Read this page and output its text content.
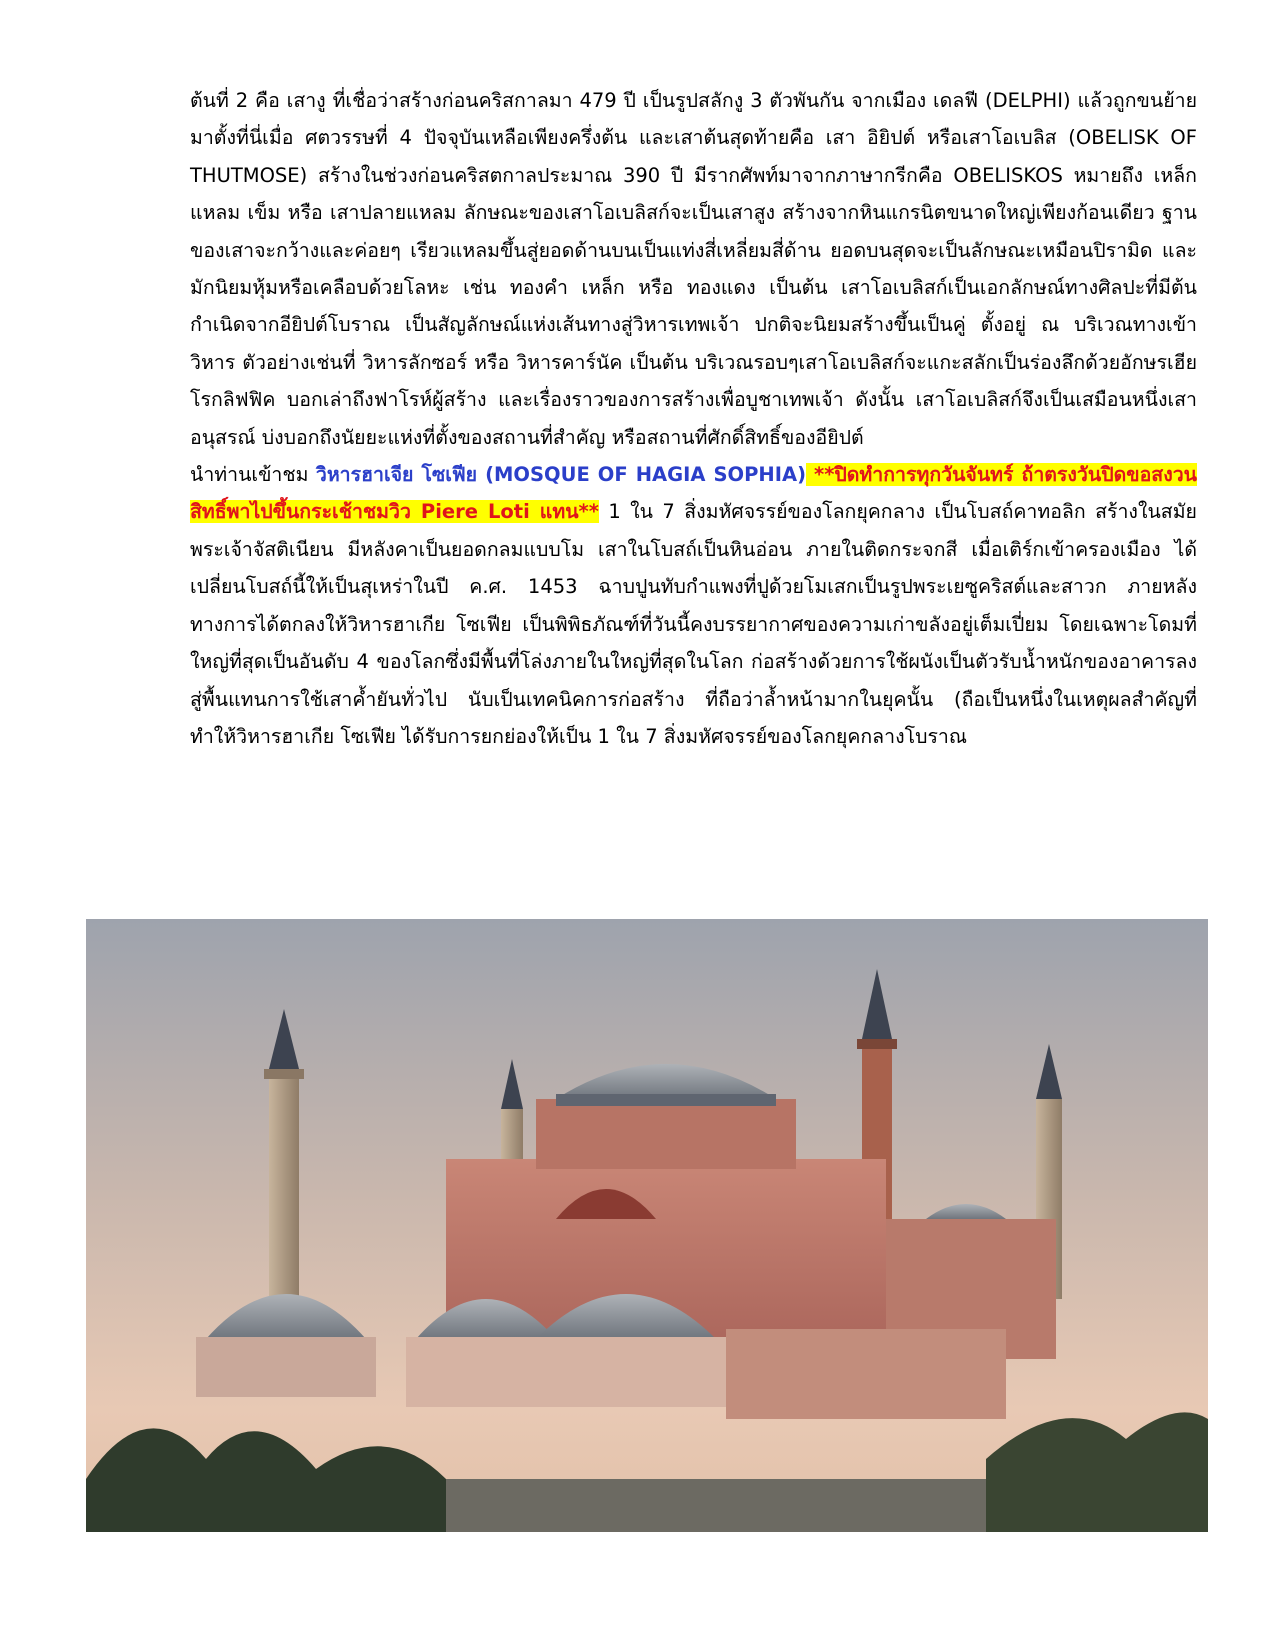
ต้นที่ 2 คือ เสางู ที่เชื่อว่าสร้างก่อนคริสกาลมา 479 ปี เป็นรูปสลักงู 3 ตัวพันกัน จากเมือง เดลฟี (DELPHI) แล้วถูกขนย้ายมาตั้งที่นี่เมื่อ ศตวรรษที่ 4 ปัจจุบันเหลือเพียงครึ่งต้น และเสาต้นสุดท้ายคือ เสา อิยิปต์ หรือเสาโอเบลิส (OBELISK OF THUTMOSE) สร้างในช่วงก่อนคริสตกาลประมาณ 390 ปี มีรากศัพท์มาจากภาษากรีกคือ OBELISKOS หมายถึง เหล็กแหลม เข็ม หรือ เสาปลายแหลม ลักษณะของเสาโอเบลิสก์จะเป็นเสาสูง สร้างจากหินแกรนิตขนาดใหญ่เพียงก้อนเดียว ฐานของเสาจะกว้างและค่อยๆ เรียวแหลมขึ้นสู่ยอดด้านบนเป็นแท่งสี่เหลี่ยมสี่ด้าน ยอดบนสุดจะเป็นลักษณะเหมือนปิรามิด และมักนิยมหุ้มหรือเคลือบด้วยโลหะ เช่น ทองคำ เหล็ก หรือ ทองแดง เป็นต้น เสาโอเบลิสก์เป็นเอกลักษณ์ทางศิลปะที่มีต้นกำเนิดจากอียิปต์โบราณ เป็นสัญลักษณ์แห่งเส้นทางสู่วิหารเทพเจ้า ปกติจะนิยมสร้างขึ้นเป็นคู่ ตั้งอยู่ ณ บริเวณทางเข้าวิหาร ตัวอย่างเช่นที่ วิหารลักซอร์ หรือ วิหารคาร์นัค เป็นต้น บริเวณรอบๆเสาโอเบลิสก์จะแกะสลักเป็นร่องลึกด้วยอักษรเฮียโรกลิฟฟิค บอกเล่าถึงฟาโรห์ผู้สร้าง และเรื่องราวของการสร้างเพื่อบูชาเทพเจ้า ดังนั้น เสาโอเบลิสก์จึงเป็นเสมือนหนึ่งเสาอนุสรณ์ บ่งบอกถึงนัยยะแห่งที่ตั้งของสถานที่สำคัญ หรือสถานที่ศักดิ์สิทธิ์ของอียิปต์

นำท่านเข้าชม วิหารฮาเจีย โซเฟีย (MOSQUE OF HAGIA SOPHIA) **ปิดทำการทุกวันจันทร์ ถ้าตรงวันปิดขอสงวนสิทธิ์พาไปขึ้นกระเช้าชมวิว Piere Loti แทน** 1 ใน 7 สิ่งมหัศจรรย์ของโลกยุคกลาง เป็นโบสถ์คาทอลิก สร้างในสมัยพระเจ้าจัสติเนียน มีหลังคาเป็นยอดกลมแบบโม เสาในโบสถ์เป็นหินอ่อน ภายในติดกระจกสี เมื่อเติร์กเข้าครองเมือง ได้เปลี่ยนโบสถ์นี้ให้เป็นสุเหร่าในปี ค.ศ. 1453 ฉาบปูนทับกำแพงที่ปูด้วยโมเสกเป็นรูปพระเยซูคริสต์และสาวก ภายหลังทางการได้ตกลงให้วิหารฮาเกีย โซเฟีย เป็นพิพิธภัณฑ์ที่วันนี้คงบรรยากาศของความเก่าขลังอยู่เต็มเปี่ยม โดยเฉพาะโดมที่ใหญ่ที่สุดเป็นอันดับ 4 ของโลกซึ่งมีพื้นที่โล่งภายในใหญ่ที่สุดในโลก ก่อสร้างด้วยการใช้ผนังเป็นตัวรับน้ำหนักของอาคารลงสู่พื้นแทนการใช้เสาค้ำยันทั่วไป นับเป็นเทคนิคการก่อสร้าง ที่ถือว่าล้ำหน้ามากในยุคนั้น (ถือเป็นหนึ่งในเหตุผลสำคัญที่ทำให้วิหารฮาเกีย โซเฟีย ได้รับการยกย่องให้เป็น 1 ใน 7 สิ่งมหัศจรรย์ของโลกยุคกลางโบราณ
